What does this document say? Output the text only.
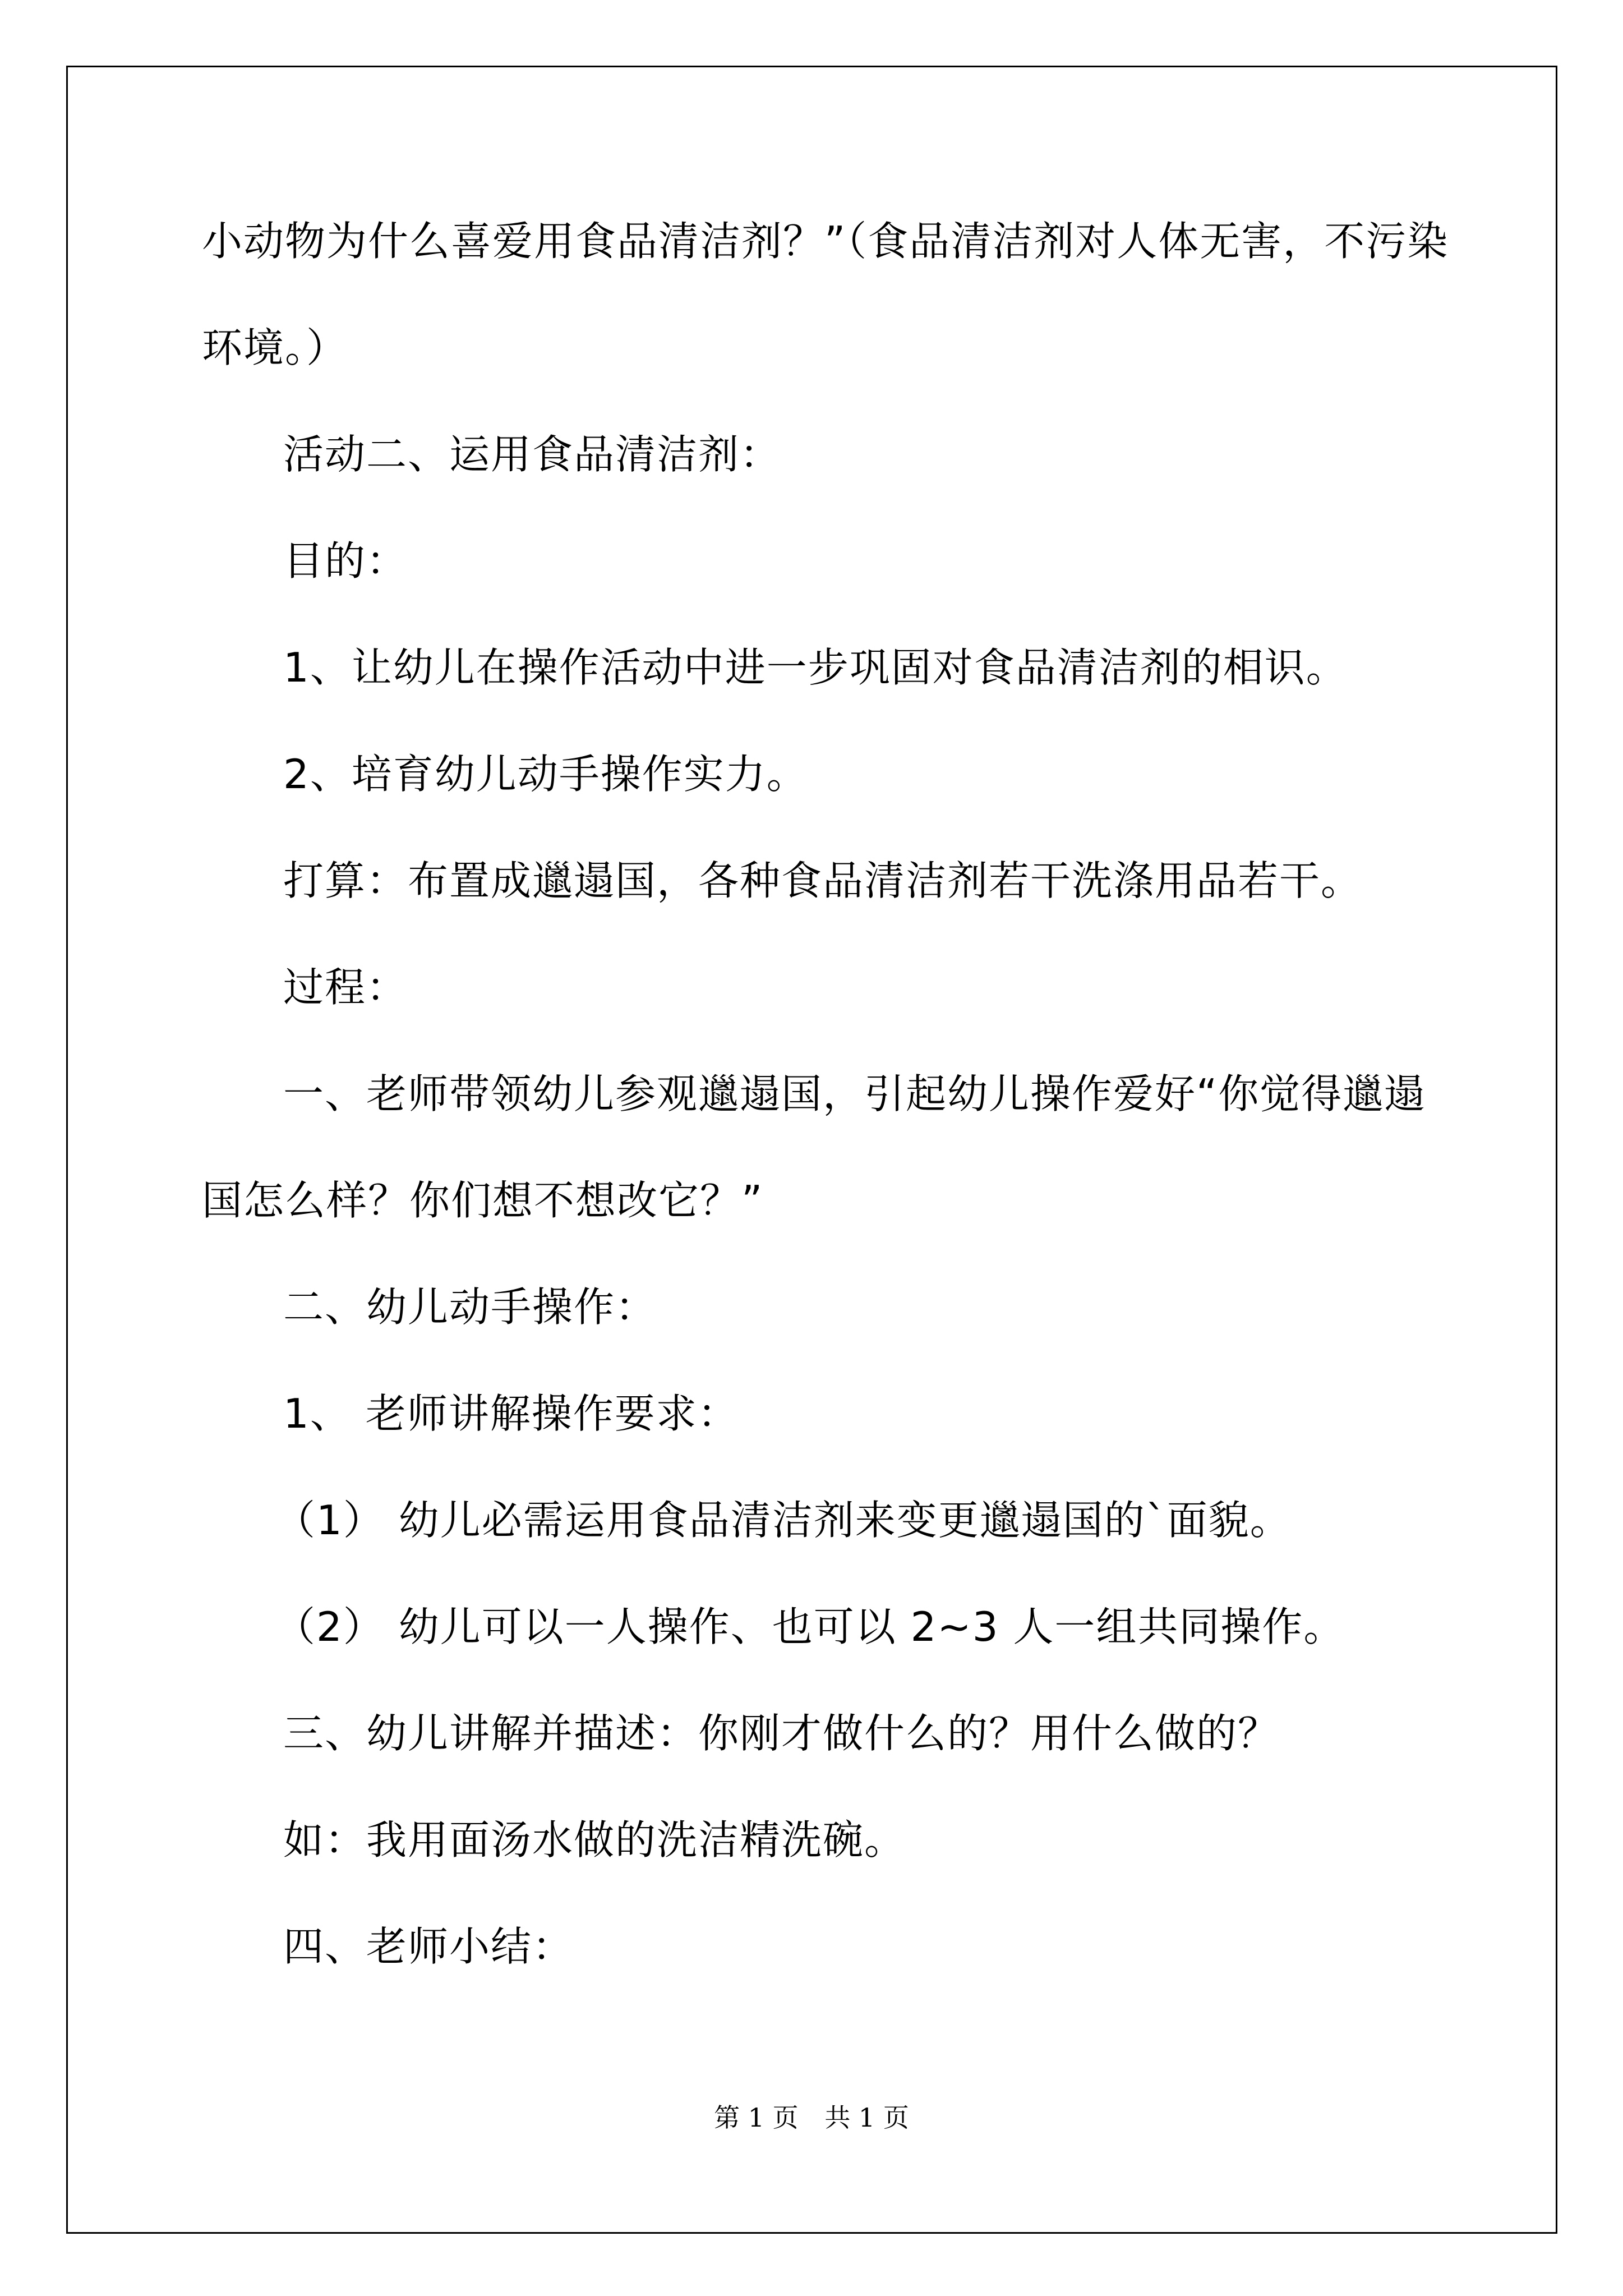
小动物为什么喜爱用食品清洁剂？”（食品清洁剂对人体无害，不污染
环境。）
活动二、运用食品清洁剂：
目的：
1、让幼儿在操作活动中进一步巩固对食品清洁剂的相识。
2、培育幼儿动手操作实力。
打算：布置成邋遢国，各种食品清洁剂若干洗涤用品若干。
过程：
一、老师带领幼儿参观邋遢国，引起幼儿操作爱好“你觉得邋遢
国怎么样？你们想不想改它？”
二、幼儿动手操作：
1、 老师讲解操作要求：
（1） 幼儿必需运用食品清洁剂来变更邋遢国的`面貌。
（2） 幼儿可以一人操作、也可以 2~3 人一组共同操作。
三、幼儿讲解并描述：你刚才做什么的？用什么做的？
如：我用面汤水做的洗洁精洗碗。
四、老师小结：
第 1 页 共 1 页
